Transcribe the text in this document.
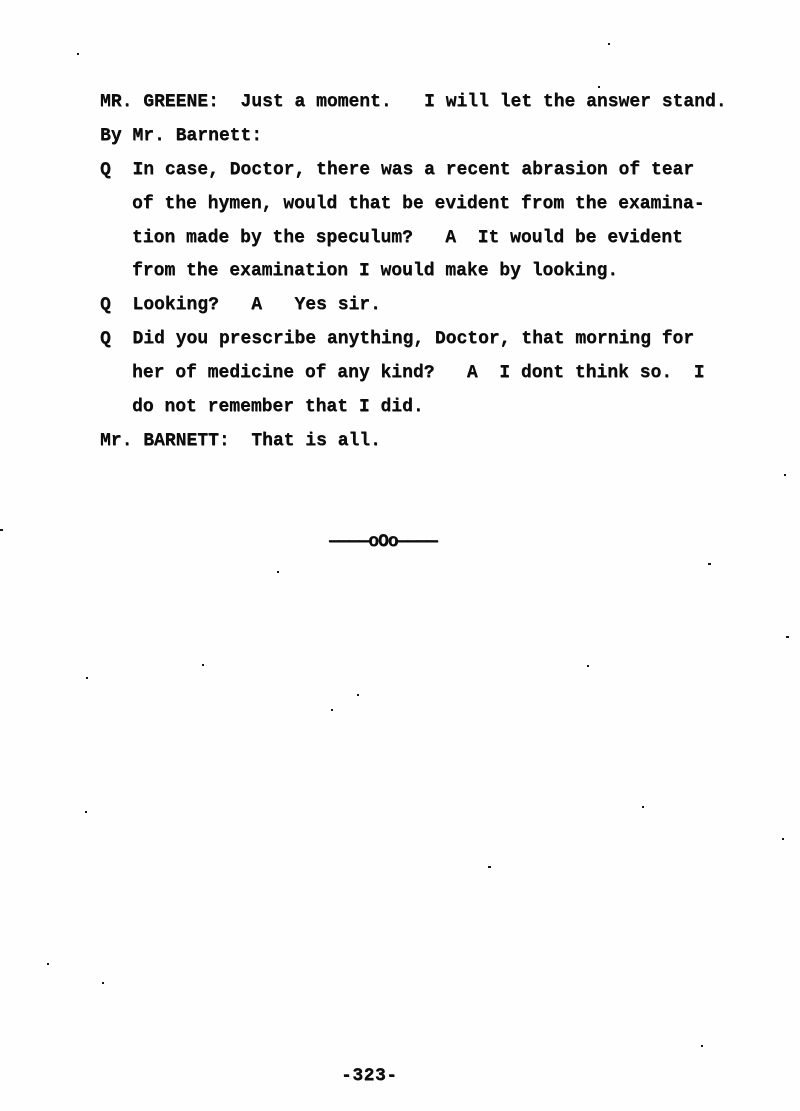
MR. GREENE:  Just a moment.   I will let the answer stand.
By Mr. Barnett:
Q  In case, Doctor, there was a recent abrasion of tear
of the hymen, would that be evident from the examina-
tion made by the speculum?   A  It would be evident
from the examination I would make by looking.
Q  Looking?   A   Yes sir.
Q  Did you prescribe anything, Doctor, that morning for
her of medicine of any kind?   A  I dont think so.  I
do not remember that I did.
Mr. BARNETT:  That is all.
————oOo————
-323-
